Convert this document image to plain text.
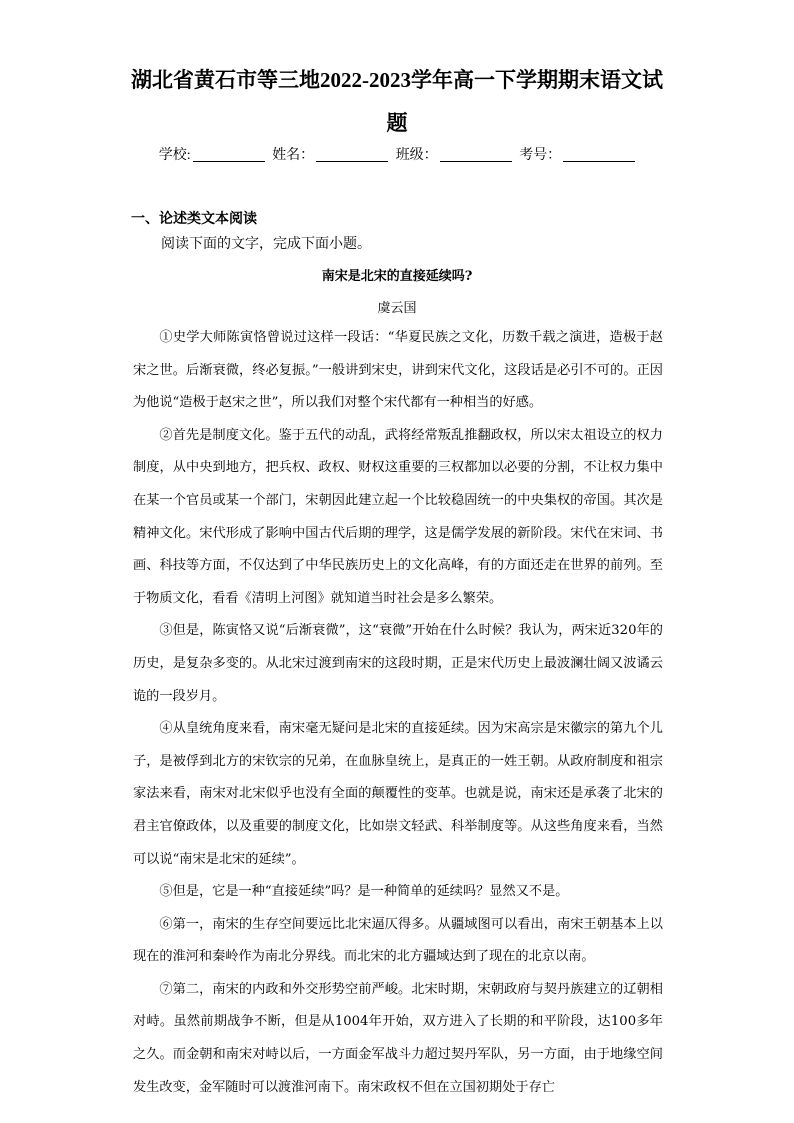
湖北省黄石市等三地2022-2023学年高一下学期期末语文试
题
学校:	姓名：	班级：	考号：
一、论述类文本阅读
阅读下面的文字，完成下面小题。
南宋是北宋的直接延续吗?
虞云国

①史学大师陈寅恪曾说过这样一段话：“华夏民族之文化，历数千载之演进，造极于赵宋之世。后渐衰微，终必复振。”一般讲到宋史，讲到宋代文化，这段话是必引不可的。正因为他说“造极于赵宋之世”，所以我们对整个宋代都有一种相当的好感。

②首先是制度文化。鉴于五代的动乱，武将经常叛乱推翻政权，所以宋太祖设立的权力制度，从中央到地方，把兵权、政权、财权这重要的三权都加以必要的分割，不让权力集中在某一个官员或某一个部门，宋朝因此建立起一个比较稳固统一的中央集权的帝国。其次是精神文化。宋代形成了影响中国古代后期的理学，这是儒学发展的新阶段。宋代在宋词、书画、科技等方面，不仅达到了中华民族历史上的文化高峰，有的方面还走在世界的前列。至于物质文化，看看《清明上河图》就知道当时社会是多么繁荣。

③但是，陈寅恪又说“后渐衰微”，这“衰微”开始在什么时候？我认为，两宋近320年的历史，是复杂多变的。从北宋过渡到南宋的这段时期，正是宋代历史上最波澜壮阔又波谲云诡的一段岁月。

④从皇统角度来看，南宋毫无疑问是北宋的直接延续。因为宋高宗是宋徽宗的第九个儿子，是被俘到北方的宋钦宗的兄弟，在血脉皇统上，是真正的一姓王朝。从政府制度和祖宗家法来看，南宋对北宋似乎也没有全面的颠覆性的变革。也就是说，南宋还是承袭了北宋的君主官僚政体，以及重要的制度文化，比如崇文轻武、科举制度等。从这些角度来看，当然可以说“南宋是北宋的延续”。

⑤但是，它是一种“直接延续”吗？是一种简单的延续吗？显然又不是。

⑥第一，南宋的生存空间要远比北宋逼仄得多。从疆域图可以看出，南宋王朝基本上以现在的淮河和秦岭作为南北分界线。而北宋的北方疆域达到了现在的北京以南。

⑦第二，南宋的内政和外交形势空前严峻。北宋时期，宋朝政府与契丹族建立的辽朝相对峙。虽然前期战争不断，但是从1004年开始，双方进入了长期的和平阶段，达100多年之久。而金朝和南宋对峙以后，一方面金军战斗力超过契丹军队，另一方面，由于地缘空间发生改变，金军随时可以渡淮河南下。南宋政权不但在立国初期处于存亡
